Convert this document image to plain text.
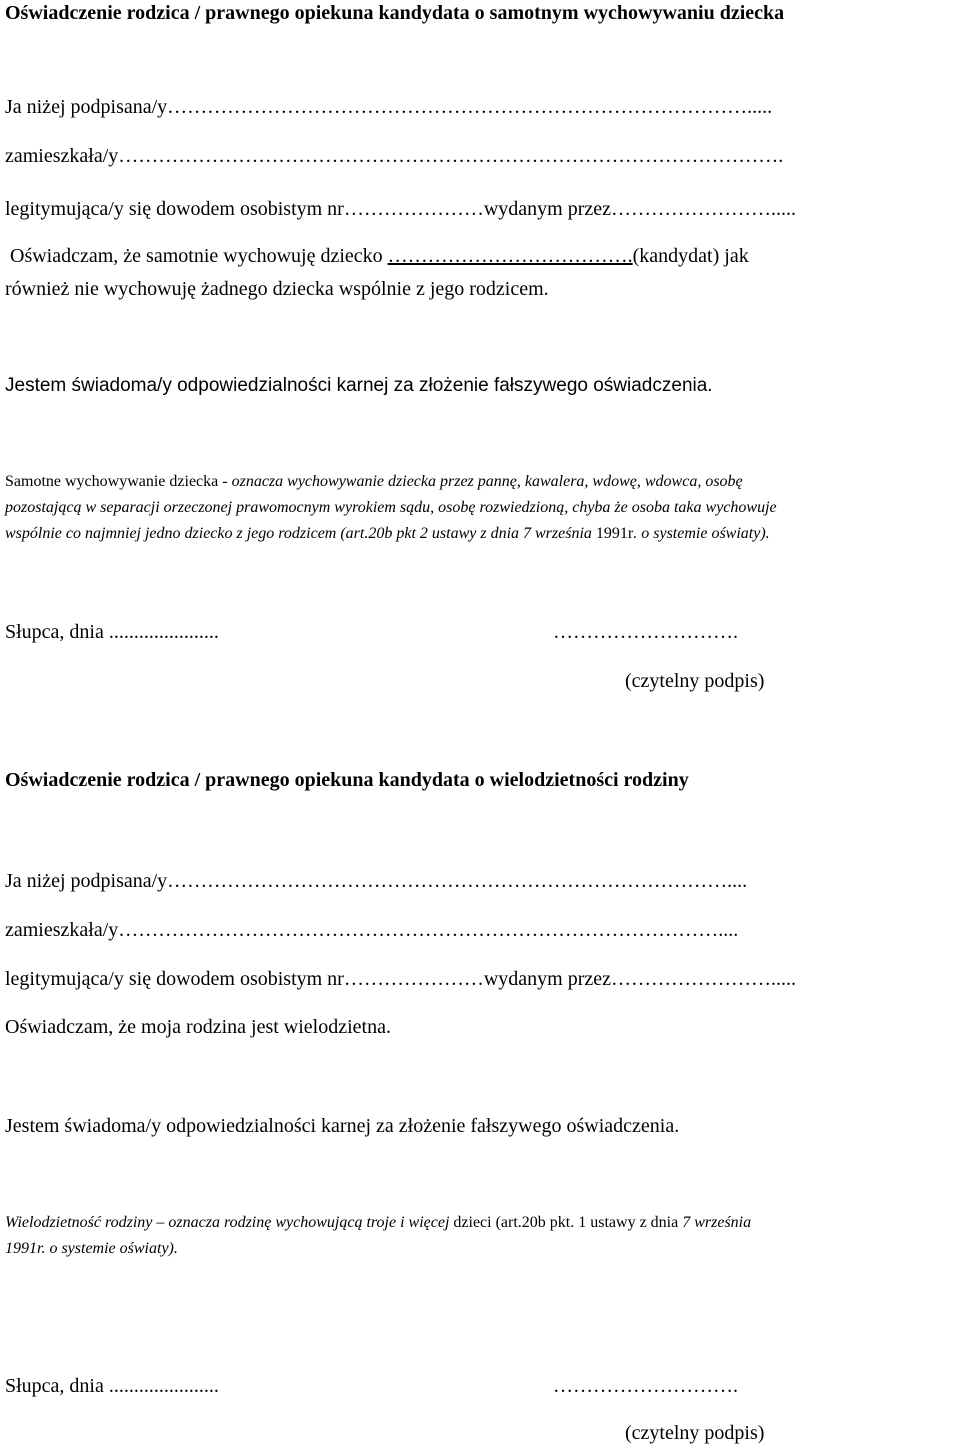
Oświadczenie rodzica / prawnego opiekuna kandydata o samotnym wychowywaniu dziecka
Ja niżej podpisana/y…………………………………………………………………………….....
zamieszkała/y……………………………………………………………………………………….
legitymująca/y się dowodem osobistym nr…………………wydanym przez…………………….....
Oświadczam, że samotnie wychowuję dziecko ……………………………….(kandydat) jak
również nie wychowuję żadnego dziecka wspólnie z jego rodzicem.
Jestem świadoma/y odpowiedzialności karnej za złożenie fałszywego oświadczenia.
Samotne wychowywanie dziecka - oznacza wychowywanie dziecka przez pannę, kawalera, wdowę, wdowca, osobę
pozostającą w separacji orzeczonej prawomocnym wyrokiem sądu, osobę rozwiedzioną, chyba że osoba taka wychowuje
wspólnie co najmniej jedno dziecko z jego rodzicem (art.20b pkt 2 ustawy z dnia 7 września 1991r. o systemie oświaty).
Słupca, dnia ......................	……………………….
(czytelny podpis)
Oświadczenie rodzica / prawnego opiekuna kandydata o wielodzietności rodziny
Ja niżej podpisana/y…………………………………………………………………………....
zamieszkała/y………………………………………………………………………………....
legitymująca/y się dowodem osobistym nr…………………wydanym przez…………………….....
Oświadczam, że moja rodzina jest wielodzietna.
Jestem świadoma/y odpowiedzialności karnej za złożenie fałszywego oświadczenia.
Wielodzietność rodziny – oznacza rodzinę wychowującą troje i więcej dzieci (art.20b pkt. 1 ustawy z dnia 7 września
1991r. o systemie oświaty).
Słupca, dnia ......................	……………………….
(czytelny podpis)
